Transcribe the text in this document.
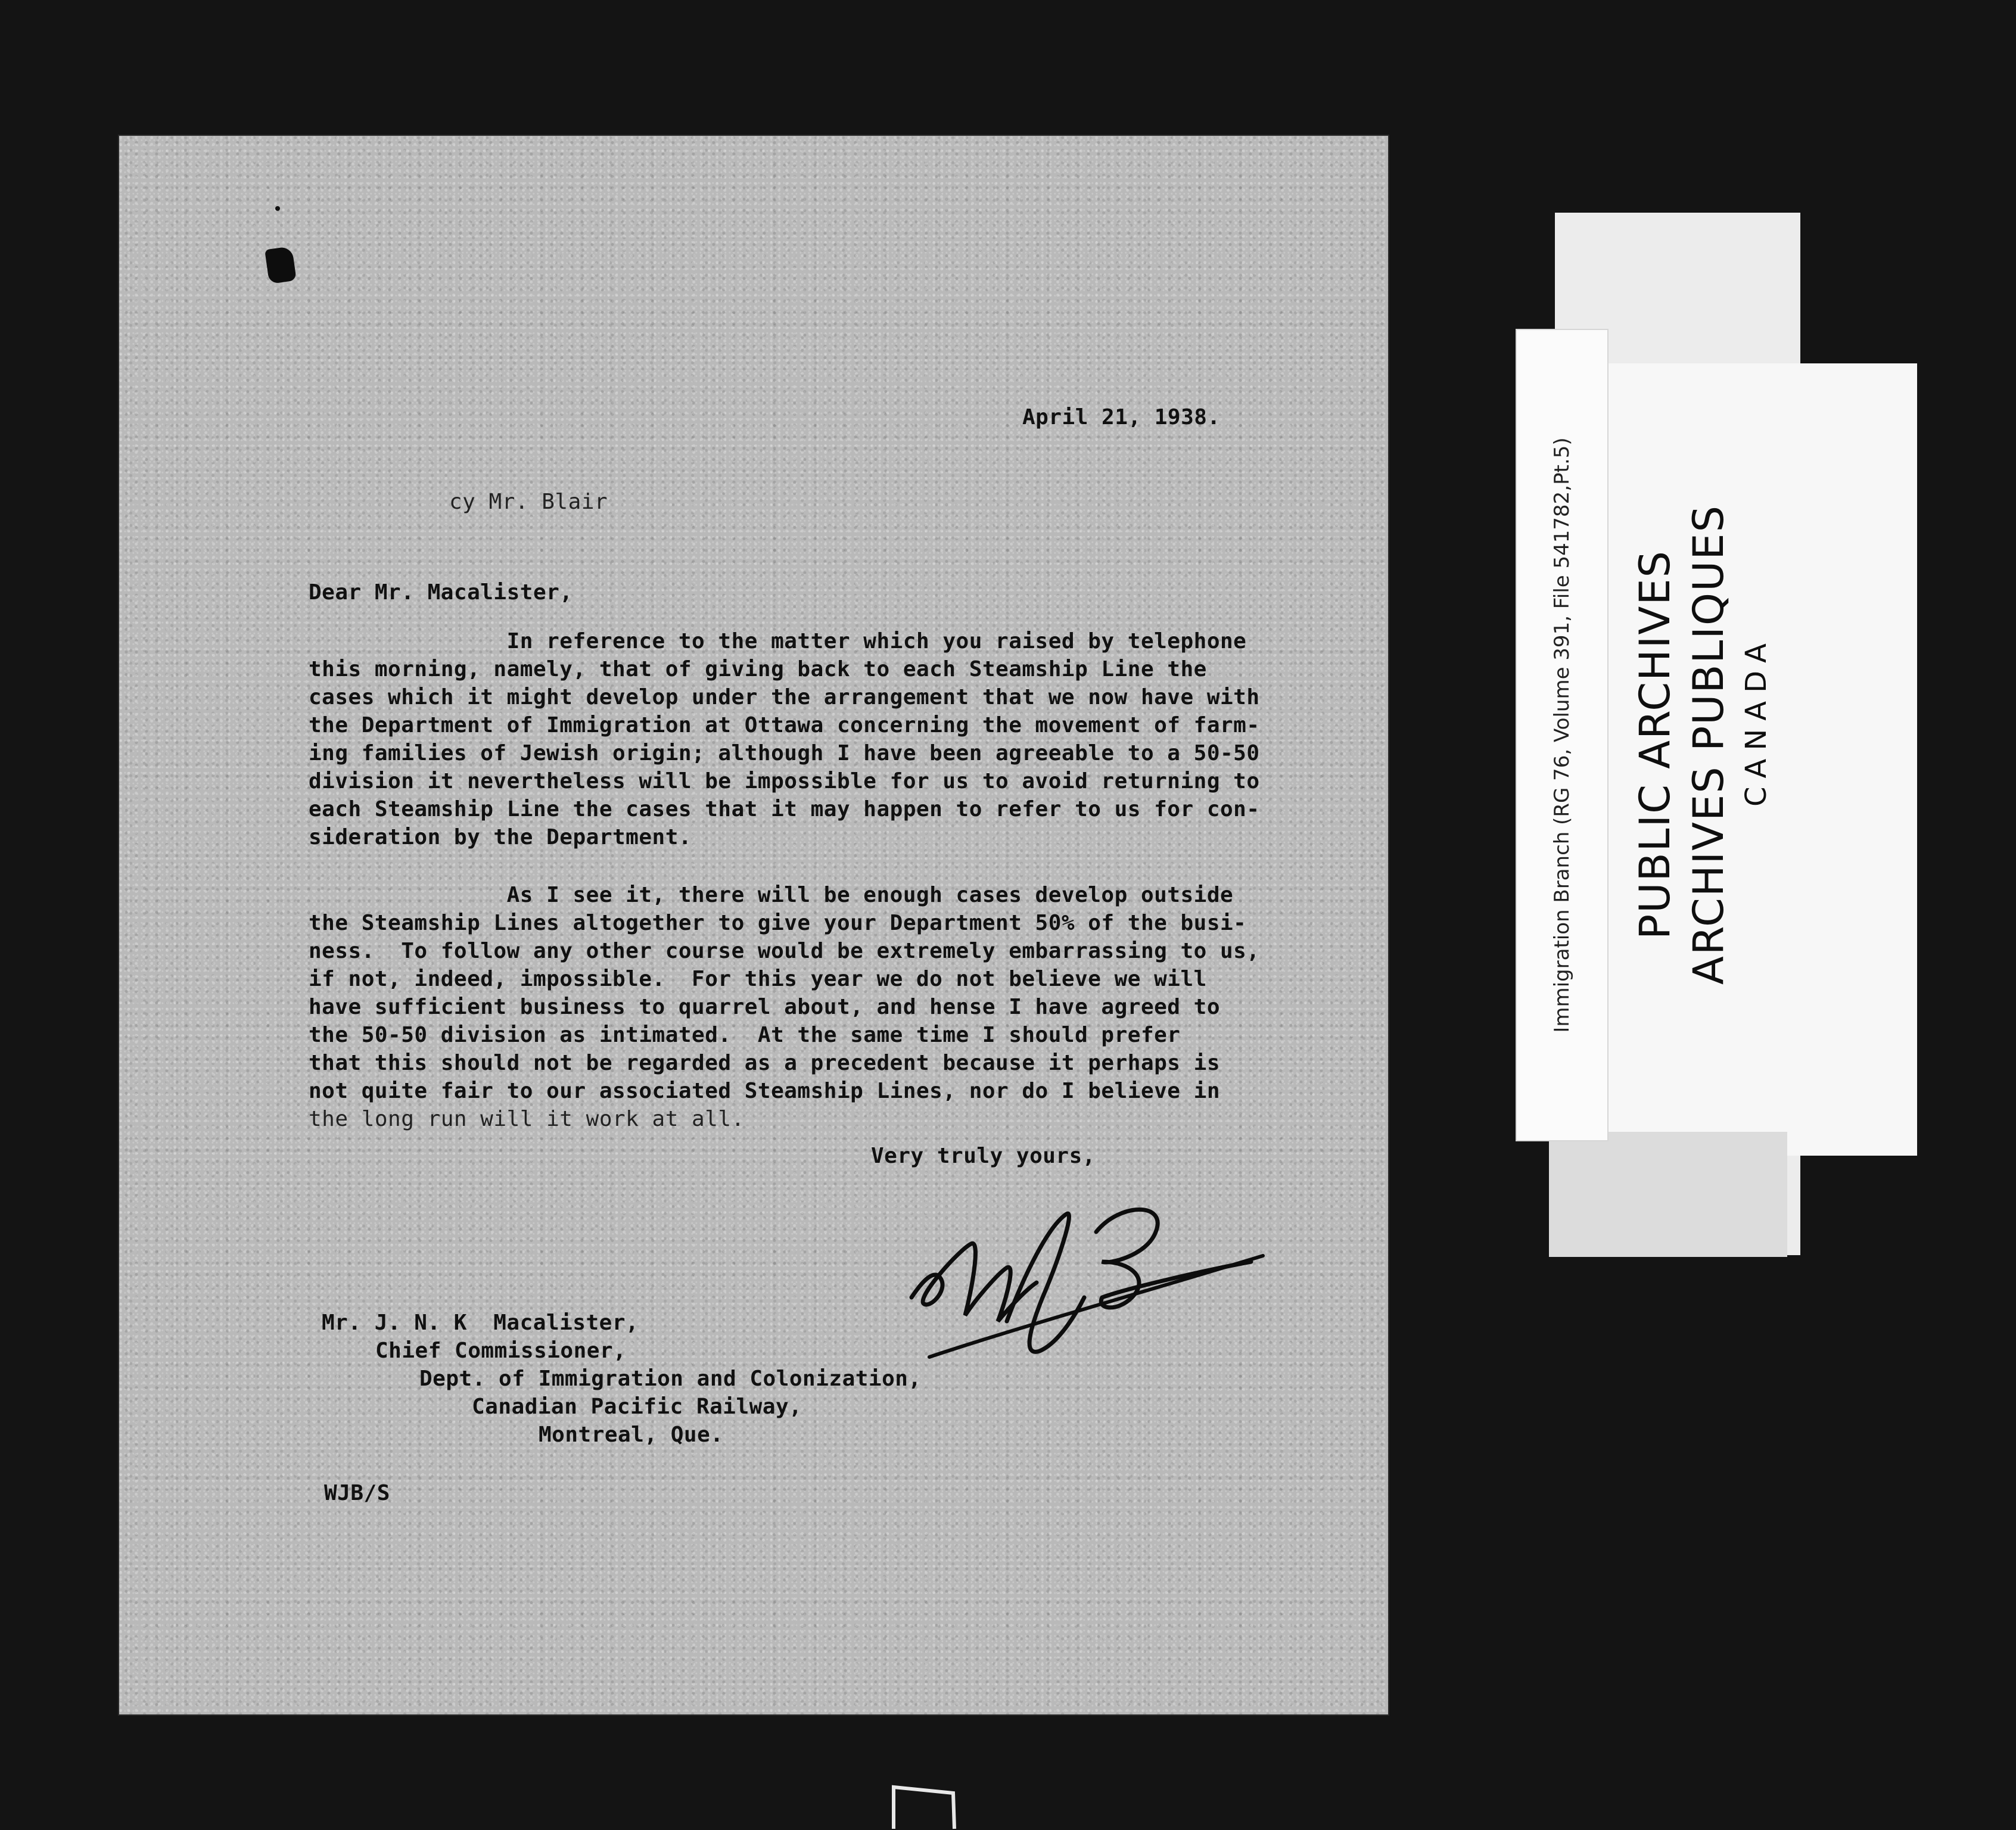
Immigration Branch (RG 76, Volume 391, File 541782,Pt.5) PUBLIC ARCHIVES ARCHIVES PUBLIQUES CANADA
April 21, 1938.
cy Mr. Blair
Dear Mr. Macalister,
In reference to the matter which you raised by telephone
this morning, namely, that of giving back to each Steamship Line the
cases which it might develop under the arrangement that we now have with
the Department of Immigration at Ottawa concerning the movement of farm-
ing families of Jewish origin; although I have been agreeable to a 50-50
division it nevertheless will be impossible for us to avoid returning to
each Steamship Line the cases that it may happen to refer to us for con-
sideration by the Department.
As I see it, there will be enough cases develop outside
the Steamship Lines altogether to give your Department 50% of the busi-
ness.  To follow any other course would be extremely embarrassing to us,
if not, indeed, impossible.  For this year we do not believe we will
have sufficient business to quarrel about, and hense I have agreed to
the 50-50 division as intimated.  At the same time I should prefer
that this should not be regarded as a precedent because it perhaps is
not quite fair to our associated Steamship Lines, nor do I believe in
the long run will it work at all.
Very truly yours,
Mr. J. N. K  Macalister,
Chief Commissioner,
Dept. of Immigration and Colonization,
Canadian Pacific Railway,
Montreal, Que.
WJB/S
